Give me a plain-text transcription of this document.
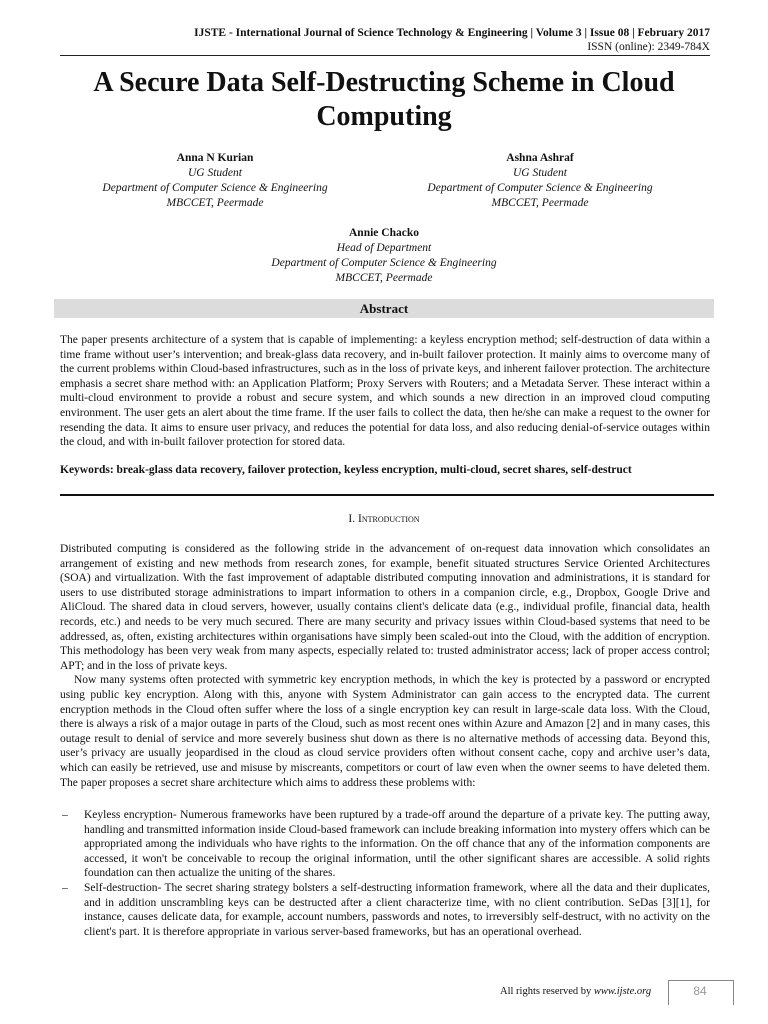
IJSTE - International Journal of Science Technology & Engineering | Volume 3 | Issue 08 | February 2017
ISSN (online): 2349-784X
A Secure Data Self-Destructing Scheme in Cloud Computing
Anna N Kurian
UG Student
Department of Computer Science & Engineering
MBCCET, Peermade
Ashna Ashraf
UG Student
Department of Computer Science & Engineering
MBCCET, Peermade
Annie Chacko
Head of Department
Department of Computer Science & Engineering
MBCCET, Peermade
Abstract
The paper presents architecture of a system that is capable of implementing: a keyless encryption method; self-destruction of data within a time frame without user’s intervention; and break-glass data recovery, and in-built failover protection. It mainly aims to overcome many of the current problems within Cloud-based infrastructures, such as in the loss of private keys, and inherent failover protection. The architecture emphasis a secret share method with: an Application Platform; Proxy Servers with Routers; and a Metadata Server. These interact within a multi-cloud environment to provide a robust and secure system, and which sounds a new direction in an improved cloud computing environment. The user gets an alert about the time frame. If the user fails to collect the data, then he/she can make a request to the owner for resending the data. It aims to ensure user privacy, and reduces the potential for data loss, and also reducing denial-of-service outages within the cloud, and with in-built failover protection for stored data.
Keywords: break-glass data recovery, failover protection, keyless encryption, multi-cloud, secret shares, self-destruct
I. Introduction

Distributed computing is considered as the following stride in the advancement of on-request data innovation which consolidates an arrangement of existing and new methods from research zones, for example, benefit situated structures Service Oriented Architectures (SOA) and virtualization. With the fast improvement of adaptable distributed computing innovation and administrations, it is standard for users to use distributed storage administrations to impart information to others in a companion circle, e.g., Dropbox, Google Drive and AliCloud. The shared data in cloud servers, however, usually contains client's delicate data (e.g., individual profile, financial data, health records, etc.) and needs to be very much secured. There are many security and privacy issues within Cloud-based systems that need to be addressed, as, often, existing architectures within organisations have simply been scaled-out into the Cloud, with the addition of encryption. This methodology has been very weak from many aspects, especially related to: trusted administrator access; lack of proper access control; APT; and in the loss of private keys.

Now many systems often protected with symmetric key encryption methods, in which the key is protected by a password or encrypted using public key encryption. Along with this, anyone with System Administrator can gain access to the encrypted data. The current encryption methods in the Cloud often suffer where the loss of a single encryption key can result in large-scale data loss. With the Cloud, there is always a risk of a major outage in parts of the Cloud, such as most recent ones within Azure and Amazon [2] and in many cases, this outage result to denial of service and more severely business shut down as there is no alternative methods of accessing data. Beyond this, user’s privacy are usually jeopardised in the cloud as cloud service providers often without consent cache, copy and archive user’s data, which can easily be retrieved, use and misuse by miscreants, competitors or court of law even when the owner seems to have deleted them. The paper proposes a secret share architecture which aims to address these problems with:

– Keyless encryption- Numerous frameworks have been ruptured by a trade-off around the departure of a private key. The putting away, handling and transmitted information inside Cloud-based framework can include breaking information into mystery offers which can be appropriated among the individuals who have rights to the information. On the off chance that any of the information components are accessed, it won't be conceivable to recoup the original information, until the other significant shares are accessible. A solid rights foundation can then actualize the uniting of the shares.
– Self-destruction- The secret sharing strategy bolsters a self-destructing information framework, where all the data and their duplicates, and in addition unscrambling keys can be destructed after a client characterize time, with no client contribution. SeDas [3][1], for instance, causes delicate data, for example, account numbers, passwords and notes, to irreversibly self-destruct, with no activity on the client's part. It is therefore appropriate in various server-based frameworks, but has an operational overhead.
All rights reserved by www.ijste.org	84
